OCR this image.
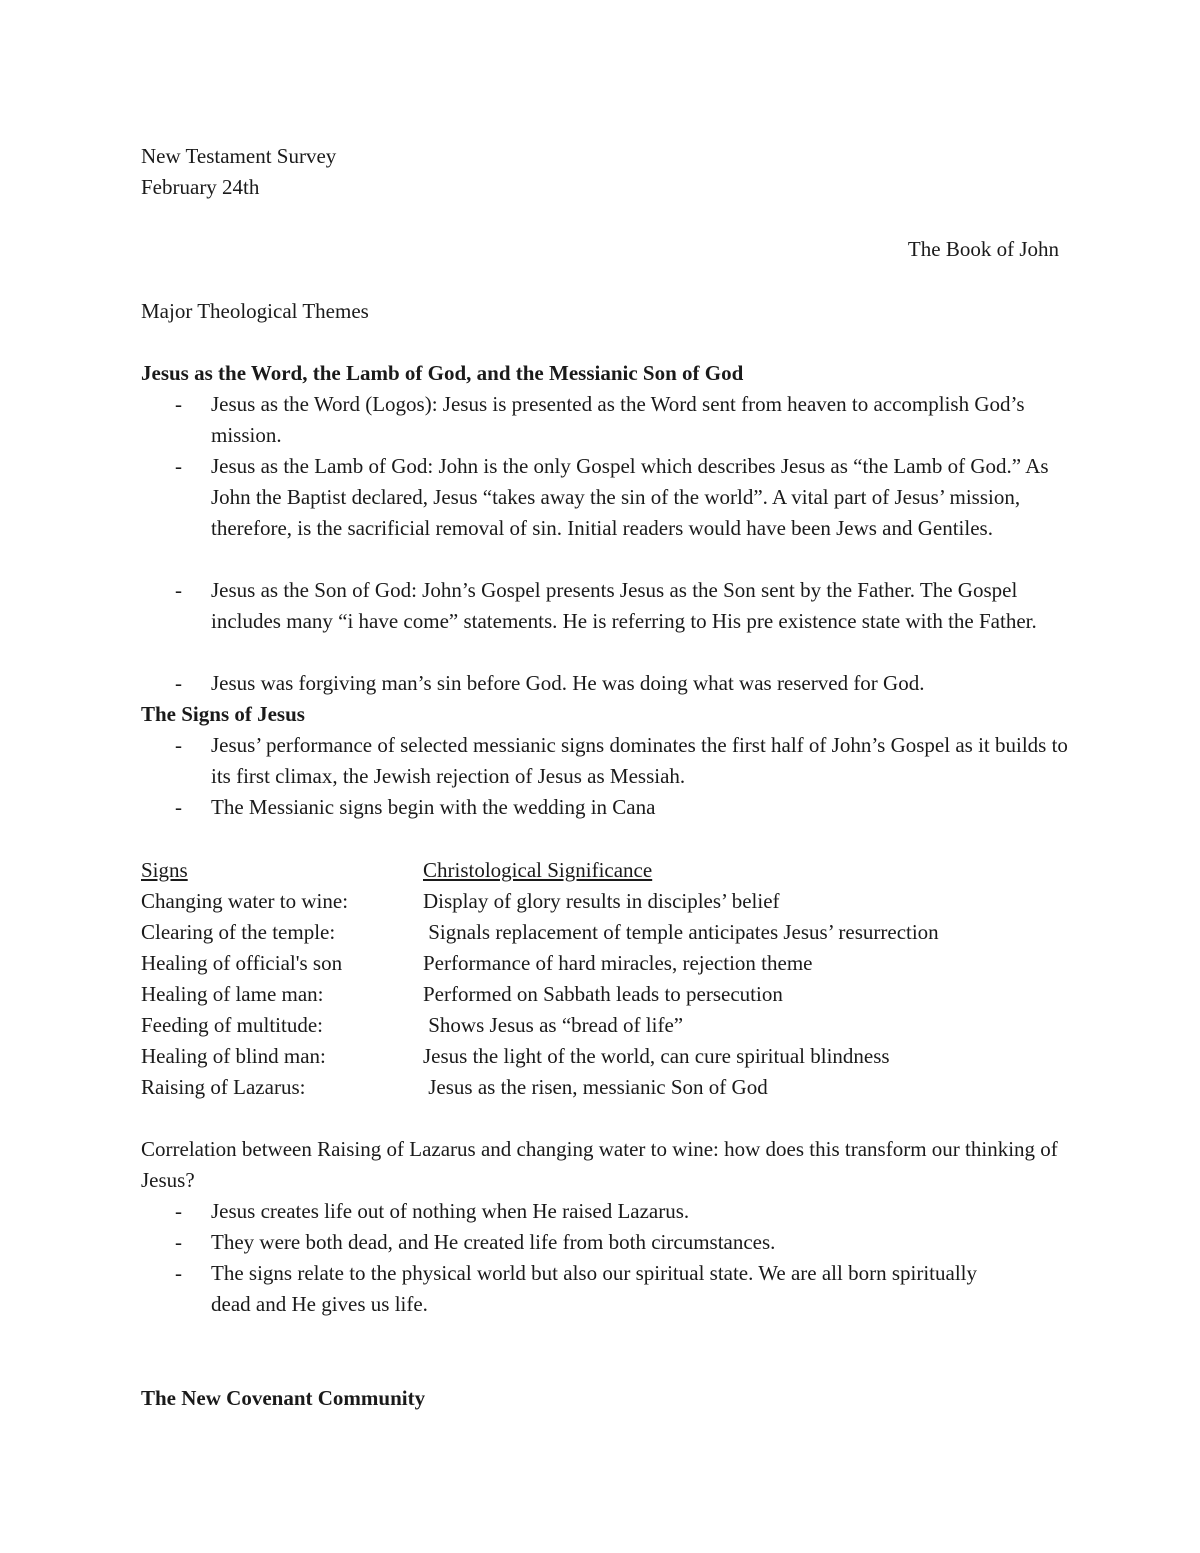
New Testament Survey
February 24th
The Book of John
Major Theological Themes
Jesus as the Word, the Lamb of God, and the Messianic Son of God
- Jesus as the Word (Logos): Jesus is presented as the Word sent from heaven to accomplish God’s mission.
- Jesus as the Lamb of God: John is the only Gospel which describes Jesus as “the Lamb of God.” As John the Baptist declared, Jesus “takes away the sin of the world”. A vital part of Jesus’ mission, therefore, is the sacrificial removal of sin. Initial readers would have been Jews and Gentiles.
- Jesus as the Son of God: John’s Gospel presents Jesus as the Son sent by the Father. The Gospel includes many “i have come” statements. He is referring to His pre existence state with the Father.
- Jesus was forgiving man’s sin before God. He was doing what was reserved for God.
The Signs of Jesus
- Jesus’ performance of selected messianic signs dominates the first half of John’s Gospel as it builds to its first climax, the Jewish rejection of Jesus as Messiah.
- The Messianic signs begin with the wedding in Cana
Signs	Christological Significance
Changing water to wine:	Display of glory results in disciples’ belief
Clearing of the temple:	Signals replacement of temple anticipates Jesus’ resurrection
Healing of official's son	Performance of hard miracles, rejection theme
Healing of lame man:	Performed on Sabbath leads to persecution
Feeding of multitude:	Shows Jesus as “bread of life”
Healing of blind man:	Jesus the light of the world, can cure spiritual blindness
Raising of Lazarus:	Jesus as the risen, messianic Son of God
Correlation between Raising of Lazarus and changing water to wine: how does this transform our thinking of Jesus?
- Jesus creates life out of nothing when He raised Lazarus.
- They were both dead, and He created life from both circumstances.
- The signs relate to the physical world but also our spiritual state. We are all born spiritually dead and He gives us life.
The New Covenant Community
